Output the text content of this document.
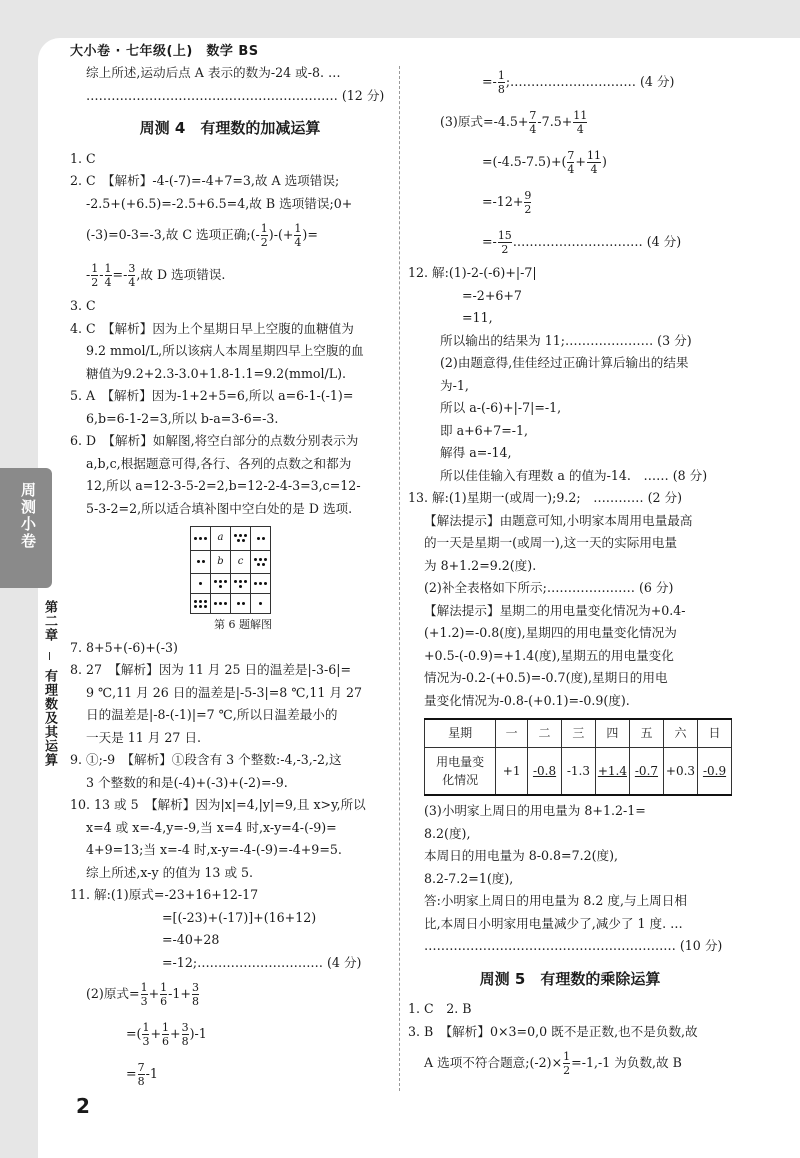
大小卷 · 七年级(上)　数学 BS
周测小卷
第二章  有理数及其运算
综上所述,运动后点 A 表示的数为-24 或-8. …
…………………………………………………… (12 分)
周测 4　有理数的加减运算
1. C
2. C　【解析】-4-(-7)=-4+7=3,故 A 选项错误;
-2.5+(+6.5)=-2.5+6.5=4,故 B 选项错误;0+
(-3)=0-3=-3,故 C 选项正确;(- $\frac{1}{2}$ )-(+ $\frac{1}{4}$ )=
- $\frac{1}{2} - \frac{1}{4} =- \frac{3}{4}$ ,故 D 选项错误.
3. C
4. C　【解析】因为上个星期日早上空腹的血糖值为
9.2 mmol/L,所以该病人本周星期四早上空腹的血
糖值为9.2+2.3-3.0+1.8-1.1=9.2(mmol/L).
5. A　【解析】因为-1+2+5=6,所以 a=6-1-(-1)=
6,b=6-1-2=3,所以 b-a=3-6=-3.
6. D　【解析】如解图,将空白部分的点数分别表示为
a,b,c,根据题意可得,各行、各列的点数之和都为
12,所以 a=12-3-5-2=2,b=12-2-4-3=3,c=12-
5-3-2=2,所以适合填补图中空白处的是 D 选项.
	a	

	b	c	

第 6 题解图
7. 8+5+(-6)+(-3)
8. 27　【解析】因为 11 月 25 日的温差是|-3-6|=
9 ℃,11 月 26 日的温差是|-5-3|=8 ℃,11 月 27
日的温差是|-8-(-1)|=7 ℃,所以日温差最小的
一天是 11 月 27 日.
9. ①;-9　【解析】①段含有 3 个整数:-4,-3,-2,这
3 个整数的和是(-4)+(-3)+(-2)=-9.
10. 13 或 5　【解析】因为|x|=4,|y|=9,且 x>y,所以
x=4 或 x=-4,y=-9,当 x=4 时,x-y=4-(-9)=
4+9=13;当 x=-4 时,x-y=-4-(-9)=-4+9=5.
综上所述,x-y 的值为 13 或 5.
11. 解:(1)原式=-23+16+12-17
=[(-23)+(-17)]+(16+12)
=-40+28
=-12;………………………… (4 分)
(2)原式= $\frac{1}{3} + \frac{1}{6} -1+ \frac{3}{8}$
=( $\frac{1}{3} + \frac{1}{6} + \frac{3}{8} )-1$
= $\frac{7}{8} -1$
=- $\frac{1}{8}$ ;………………………… (4 分)
(3)原式$=-4.5+ \frac{7}{4} -7.5+ \frac{11}{4}$
$=(-4.5-7.5)+( \frac{7}{4} + \frac{11}{4}$ )
$=-12+ \frac{9}{2}$
=- $\frac{15}{2}$ .………………………… (4 分)
12. 解:(1)-2-(-6)+|-7|
=-2+6+7
=11,
所以输出的结果为 11;………………… (3 分)
(2)由题意得,佳佳经过正确计算后输出的结果
为-1,
所以 a-(-6)+|-7|=-1,
即 a+6+7=-1,
解得 a=-14,
所以佳佳输入有理数 a 的值为-14.　…… (8 分)
13. 解:(1)星期一(或周一);9.2;　………… (2 分)
【解法提示】由题意可知,小明家本周用电量最高
的一天是星期一(或周一),这一天的实际用电量
为 8+1.2=9.2(度).
(2)补全表格如下所示;………………… (6 分)
【解法提示】星期二的用电量变化情况为+0.4-
(+1.2)=-0.8(度),星期四的用电量变化情况为
+0.5-(-0.9)=+1.4(度),星期五的用电量变化
情况为-0.2-(+0.5)=-0.7(度),星期日的用电
量变化情况为-0.8-(+0.1)=-0.9(度).
星期	一	二	三	四	五	六	日
用电量变化情况	+1	-0.8	-1.3	+1.4	-0.7	+0.3	-0.9
(3)小明家上周日的用电量为 8+1.2-1=
8.2(度),
本周日的用电量为 8-0.8=7.2(度),
8.2-7.2=1(度),
答:小明家上周日的用电量为 8.2 度,与上周日相
比,本周日小明家用电量减少了,减少了 1 度. …
…………………………………………………… (10 分)
周测 5　有理数的乘除运算
1. C　2. B
3. B　【解析】0×3=0,0 既不是正数,也不是负数,故
A 选项不符合题意;(-2)× $\frac{1}{2} =-1,-1$ 为负数,故 B
2
